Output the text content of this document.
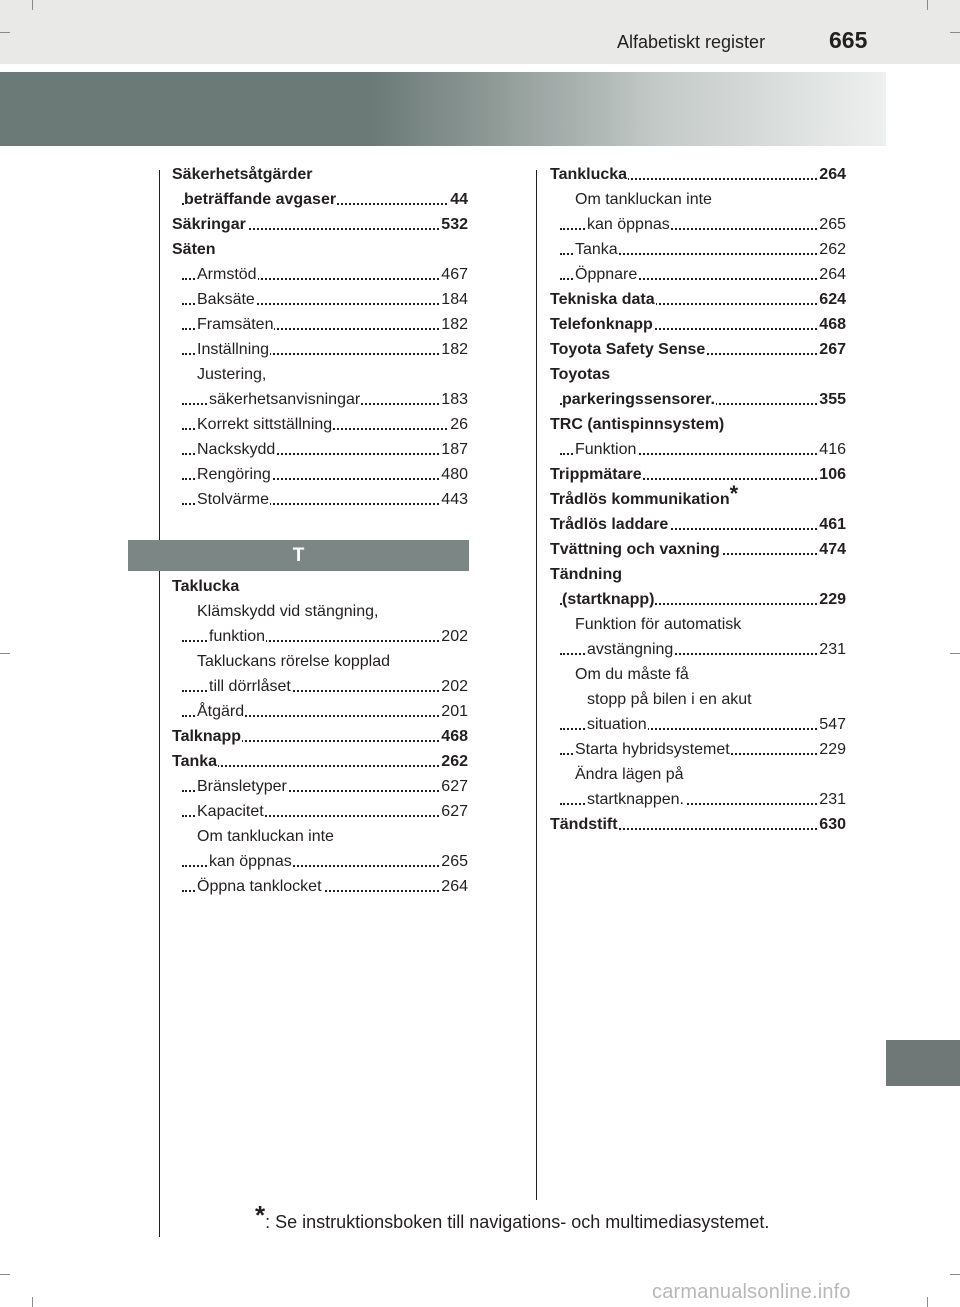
Alfabetiskt register	665
Säkerhetsåtgärder
beträffande avgaser	44
Säkringar	532
Säten
Armstöd	467
Baksäte	184
Framsäten	182
Inställning	182
Justering,
säkerhetsanvisningar	183
Korrekt sittställning	26
Nackskydd	187
Rengöring	480
Stolvärme	443
T
Taklucka
Klämskydd vid stängning,
funktion	202
Takluckans rörelse kopplad
till dörrlåset	202
Åtgärd	201
Talknapp	468
Tanka	262
Bränsletyper	627
Kapacitet	627
Om tankluckan inte
kan öppnas	265
Öppna tanklocket	264
Tanklucka	264
Om tankluckan inte
kan öppnas	265
Tanka	262
Öppnare	264
Tekniska data	624
Telefonknapp	468
Toyota Safety Sense	267
Toyotas
parkeringssensorer.	355
TRC (antispinnsystem)
Funktion	416
Trippmätare	106
Trådlös kommunikation*
Trådlös laddare	461
Tvättning och vaxning	474
Tändning
(startknapp)	229
Funktion för automatisk
avstängning	231
Om du måste få
stopp på bilen i en akut
situation	547
Starta hybridsystemet	229
Ändra lägen på
startknappen.	231
Tändstift	630
*: Se instruktionsboken till navigations- och multimediasystemet.
carmanualsonline.info
